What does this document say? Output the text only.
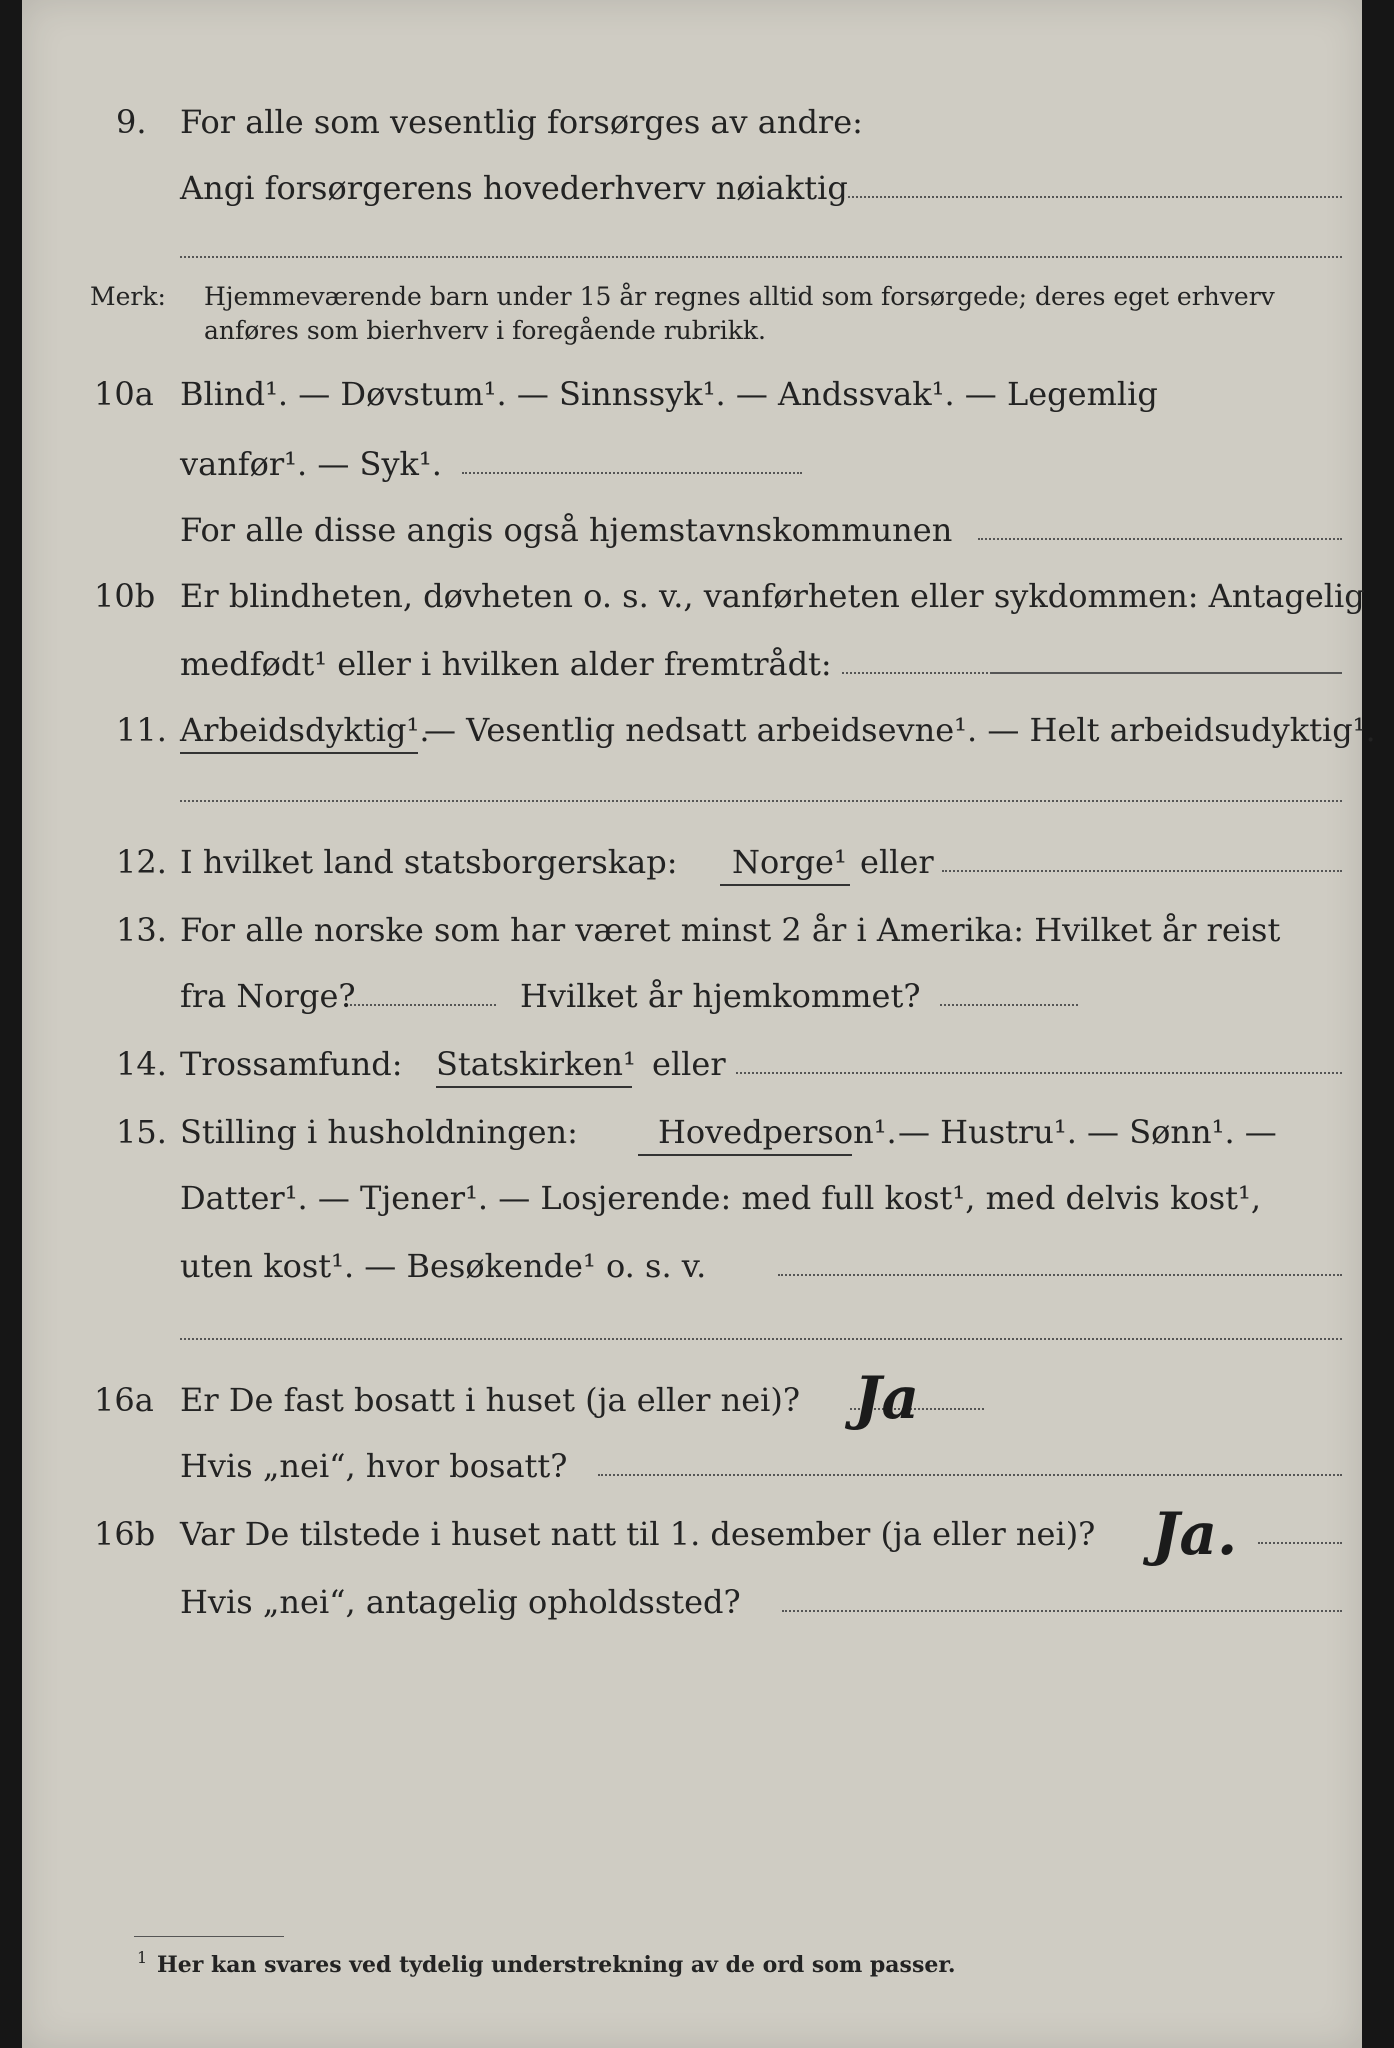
9. For alle som vesentlig forsørges av andre:
Angi forsørgerens hovederhverv nøiaktig
Merk: Hjemmeværende barn under 15 år regnes alltid som forsørgede; deres eget erhverv
anføres som bierhverv i foregående rubrikk.
10a Blind¹. — Døvstum¹. — Sinnssyk¹. — Andssvak¹. — Legemlig
vanfør¹. — Syk¹.
For alle disse angis også hjemstavnskommunen
10b Er blindheten, døvheten o. s. v., vanførheten eller sykdommen: Antagelig
medfødt¹ eller i hvilken alder fremtrådt:
11. Arbeidsdyktig¹.
— Vesentlig nedsatt arbeidsevne¹. — Helt arbeidsudyktig¹.
12. I hvilket land statsborgerskap: Norge¹ eller
13. For alle norske som har været minst 2 år i Amerika: Hvilket år reist
fra Norge?	Hvilket år hjemkommet?
14. Trossamfund: Statskirken¹ eller
15. Stilling i husholdningen:	Hovedperson¹. — Hustru¹. — Sønn¹. —
Datter¹. — Tjener¹. — Losjerende: med full kost¹, med delvis kost¹,
uten kost¹. — Besøkende¹ o. s. v.
16a Er De fast bosatt i huset (ja eller nei)? Ja
Hvis „nei“, hvor bosatt?
16b Var De tilstede i huset natt til 1. desember (ja eller nei)? Ja.
Hvis „nei“, antagelig opholdssted?
1 Her kan svares ved tydelig understrekning av de ord som passer.
